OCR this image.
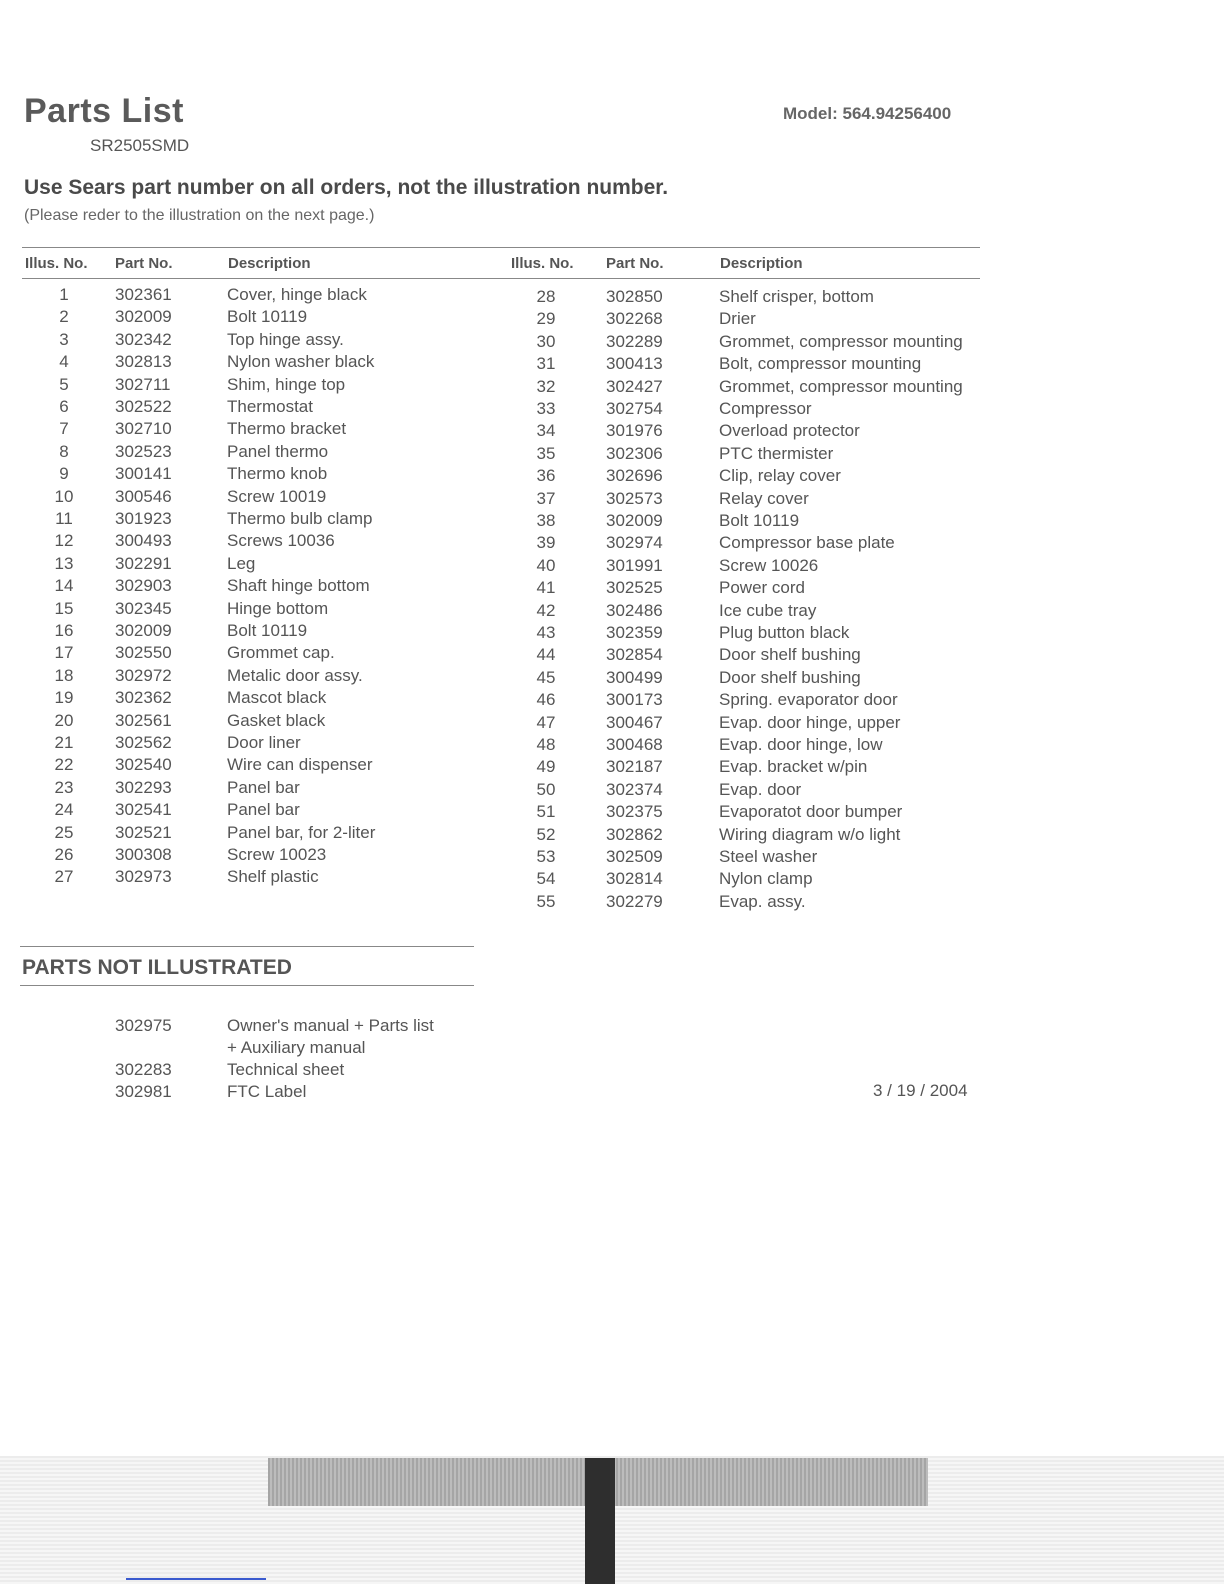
Parts List
SR2505SMD
Model: 564.94256400
Use Sears part number on all orders, not the illustration number.
(Please reder to the illustration on the next page.)
Illus. No. Part No.	Description	Illus. No. Part No.	Description
1	302361	Cover, hinge black
2	302009	Bolt 10119
3	302342	Top hinge assy.
4	302813	Nylon washer black
5	302711	Shim, hinge top
6	302522	Thermostat
7	302710	Thermo bracket
8	302523	Panel thermo
9	300141	Thermo knob
10	300546	Screw 10019
11	301923	Thermo bulb clamp
12	300493	Screws 10036
13	302291	Leg
14	302903	Shaft hinge bottom
15	302345	Hinge bottom
16	302009	Bolt 10119
17	302550	Grommet cap.
18	302972	Metalic door assy.
19	302362	Mascot black
20	302561	Gasket black
21	302562	Door liner
22	302540	Wire can dispenser
23	302293	Panel bar
24	302541	Panel bar
25	302521	Panel bar, for 2-liter
26	300308	Screw 10023
27	302973	Shelf plastic
28	302850	Shelf crisper, bottom
29	302268	Drier
30	302289	Grommet, compressor mounting
31	300413	Bolt, compressor mounting
32	302427	Grommet, compressor mounting
33	302754	Compressor
34	301976	Overload protector
35	302306	PTC thermister
36	302696	Clip, relay cover
37	302573	Relay cover
38	302009	Bolt 10119
39	302974	Compressor base plate
40	301991	Screw 10026
41	302525	Power cord
42	302486	Ice cube tray
43	302359	Plug button black
44	302854	Door shelf bushing
45	300499	Door shelf bushing
46	300173	Spring. evaporator door
47	300467	Evap. door hinge, upper
48	300468	Evap. door hinge, low
49	302187	Evap. bracket w/pin
50	302374	Evap. door
51	302375	Evaporatot door bumper
52	302862	Wiring diagram w/o light
53	302509	Steel washer
54	302814	Nylon clamp
55	302279	Evap. assy.
PARTS NOT ILLUSTRATED
302975	Owner's manual + Parts list
+ Auxiliary manual
302283	Technical sheet
302981	FTC Label	3 / 19 / 2004
